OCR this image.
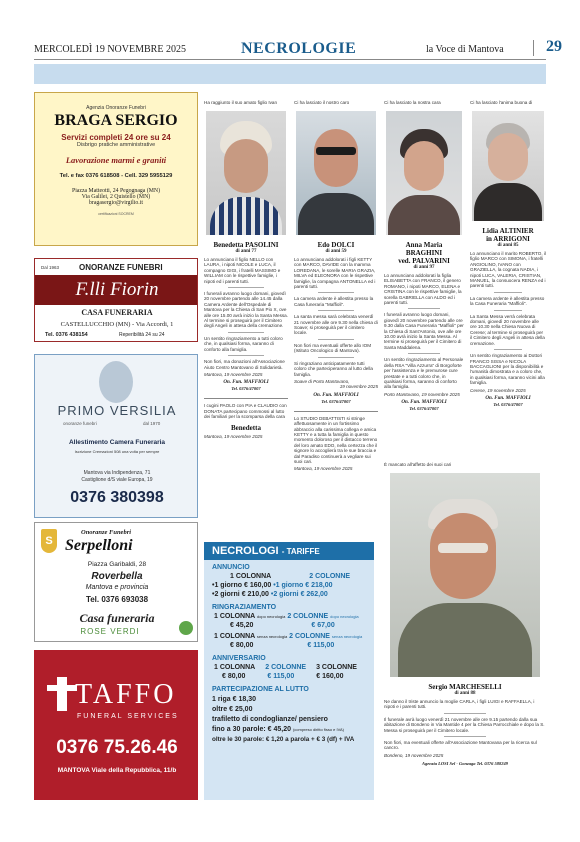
MERCOLEDÌ 19 NOVEMBRE 2025	NECROLOGIE	la Voce di Mantova	29
Agenzia Onoranze Funebri
BRAGA SERGIO
Servizi completi 24 ore su 24
Disbrigo pratiche amministrative
Lavorazione marmi e graniti
Tel. e fax 0376 618508 - Cell. 329 5955129
Piazza Matteotti, 24 Pegognaga (MN)
Via Galilei, 2 Quistello (MN)
bragasergio@virgilio.it
certificazioni SOCREM
Dal 1963 ONORANZE FUNEBRI
F.lli Fiorin
CASA FUNERARIA
CASTELLUCCHIO (MN) - Via Accordi, 1
Tel. 0376 438154	Reperibilità 24 su 24
PRIMO VERSILIA
onoranze funebri	dal 1970
Allestimento Camera Funeraria
Iscrizione Cremazioni 508 una volta per sempre
Mantova via Indipendenza, 71
Castiglione d/S viale Europa, 19
0376 380398
S
Onoranze Funebri
Serpelloni
Piazza Garibaldi, 28
Roverbella
Mantova e provincia
Tel. 0376 693038
Casa funeraria
ROSE VERDI
TAFFO
FUNERAL SERVICES
0376 75.26.46
MANTOVA Viale della Repubblica, 11/b
Ha raggiunto il suo amato figlio Ivan
Benedetta PASOLINI
di anni 77
Lo annunciano il figlio NELLO con LAURA, i nipoti NICOLE e LUCA, il compagno GIGI, i fratelli MASSIMO e WILLIAM con le rispettive famiglie, i nipoti ed i parenti tutti.
I funerali avranno luogo domani, giovedì 20 novembre partendo alle 14.45 dalla Camera Ardente dell'Ospedale di Mantova per la Chiesa di San Pio X, ove alle ore 15.00 avrà inizio la Santa Messa. Al termine si proseguirà per il Cimitero degli Angeli in attesa della cremazione.
Un sentito ringraziamento a tutti coloro che, in qualsiasi forma, saranno di conforto alla famiglia.
Non fiori, ma donazioni all'Associazione Aiuto Centro Mantovano di Solidarietà.
Mantova, 19 novembre 2025
On. Fun. MAFFIOLI
Tel. 0376/47007
I cugini PAOLO con PIA e CLAUDIO con DONATA partecipano commossi al lutto dei familiari per la scomparsa della cara
Benedetta
Mantova, 19 novembre 2025
Ci ha lasciato il nostro caro
Edo DOLCI
di anni 59
Lo annunciano addolorati i figli KETTY con MARCO, DAVIDE con la mamma LOREDANA, le sorelle MARIA GRAZIA, MILVA ed ELEONORA con le rispettive famiglie, la compagna ANTONELLA ed i parenti tutti.
La camera ardente è allestita presso la Casa funeraria "Maffioli".
La santa messa sarà celebrata venerdì 21 novembre alle ore 9.30 nella chiesa di Soave; si proseguirà per il cimitero locale.
Non fiori ma eventuali offerte allo IOM (Istituto Oncologico di Mantova).
Si ringraziano anticipatamente tutti coloro che parteciperanno al lutto della famiglia.
Soave di Porto Mantovano,
19 novembre 2025
On. Fun. MAFFIOLI
Tel. 0376/47007
Lo STUDIO DEBATTISTI si stringe affettuosamente in un fortissimo abbraccio alla carissima collega e amica KETTY e a tutta la famiglia in questo momento doloroso per il distacco terreno del loro amato EDO, nella certezza che il signore lo accoglierà tra le sue braccia e dal Paradiso continuerà a vegliare sui suoi cari.
Mantova, 19 novembre 2025
Ci ha lasciato la nostra cara
Anna Maria
BRAGHINI
ved. PALVARINI
di anni 97
Lo annunciano addolorati la figlia ELISABETTA con FRANCO, il genero ROMANO, i nipoti MARCO, ELENA e CRISTINA con le rispettive famiglie, la sorella GABRIELLA con ALDO ed i parenti tutti.
I funerali avranno luogo domani, giovedì 20 novembre partendo alle ore 9.30 dalla Casa Funeraria "Maffioli" per la Chiesa di Sant'Antonio, ove alle ore 10.00 avrà inizio la Santa Messa. Al termine si proseguirà per il Cimitero di Santa Maddalena.
Un sentito ringraziamento al Personale della RSA "Villa Azzurra" di Borgoforte per l'assistenza e le premurose cure prestate e a tutti coloro che, in qualsiasi forma, saranno di conforto alla famiglia.
Porto Mantovano, 19 novembre 2025
On. Fun. MAFFIOLI
Tel. 0376/47007
Ci ha lasciato l'anima buona di
Lidia ALTINIER
in ARRIGONI
di anni 85
Lo annunciano il marito ROBERTO, il figlio MARCO con SIMONA, i fratelli ANGIOLINO, IVANO con GRAZIELLA, la cognata NADIA, i nipoti LUCA, VALERIA, CRISTIAN, MANUEL, la consuocera RENZA ed i parenti tutti.
La camera ardente è allestita presso la Casa Funeraria "Maffioli".
La Santa Messa verrà celebrata domani, giovedì 20 novembre alle ore 10.30 nella Chiesa Nuova di Cerese; al termine si proseguirà per il Cimitero degli Angeli in attesa della cremazione.
Un sentito ringraziamento ai Dottori FRANCO SISSA e NICOLA BACCAGLIONI per la disponibilità e l'umanità dimostrata e a coloro che, in qualsiasi forma, saranno vicini alla famiglia.
Cerese, 19 novembre 2025
On. Fun. MAFFIOLI
Tel. 0376/47007
È mancato all'affetto dei suoi cari
Sergio MARCHESELLI
di anni 88
Ne danno il triste annuncio la moglie CARLA, i figli LUIGI e RAFFAELLA, i nipoti e i parenti tutti.
Il funerale avrà luogo venerdì 21 novembre alle ore 9.15 partendo dalla sua abitazione di Bondeno in Via Mantide 4 per la Chiesa Parrocchiale e dopo la S. Messa si proseguirà per il Cimitero locale.
Non fiori, ma eventuali offerte all'Associazione Mantovana per la ricerca sul cancro.
Bondeno, 19 novembre 2025
Agenzia LOSI Sel - Gonzaga Tel. 0376 588249
NECROLOGI - TARIFFE
ANNUNCIO
1 COLONNA	2 COLONNE
•1 giorno € 160,00 •1 giorno € 218,00
•2 giorni € 210,00 •2 giorni € 262,00
RINGRAZIAMENTO
1 COLONNA dopo necrologia 2 COLONNE dopo necrologia
€ 45,20	€ 67,00
1 COLONNA senza necrologia 2 COLONNE senza necrologia
€ 80,00	€ 115,00
ANNIVERSARIO
1 COLONNA 2 COLONNE 3 COLONNE
€ 80,00	€ 115,00	€ 160,00
PARTECIPAZIONE AL LUTTO
1 riga € 18,30
oltre € 25,00
trafiletto di condoglianze/ pensiero
fino a 30 parole: € 45,20 (compreso diritto fisso e IVA)
oltre le 30 parole: € 1,20 a parola + € 3 (df) + IVA
